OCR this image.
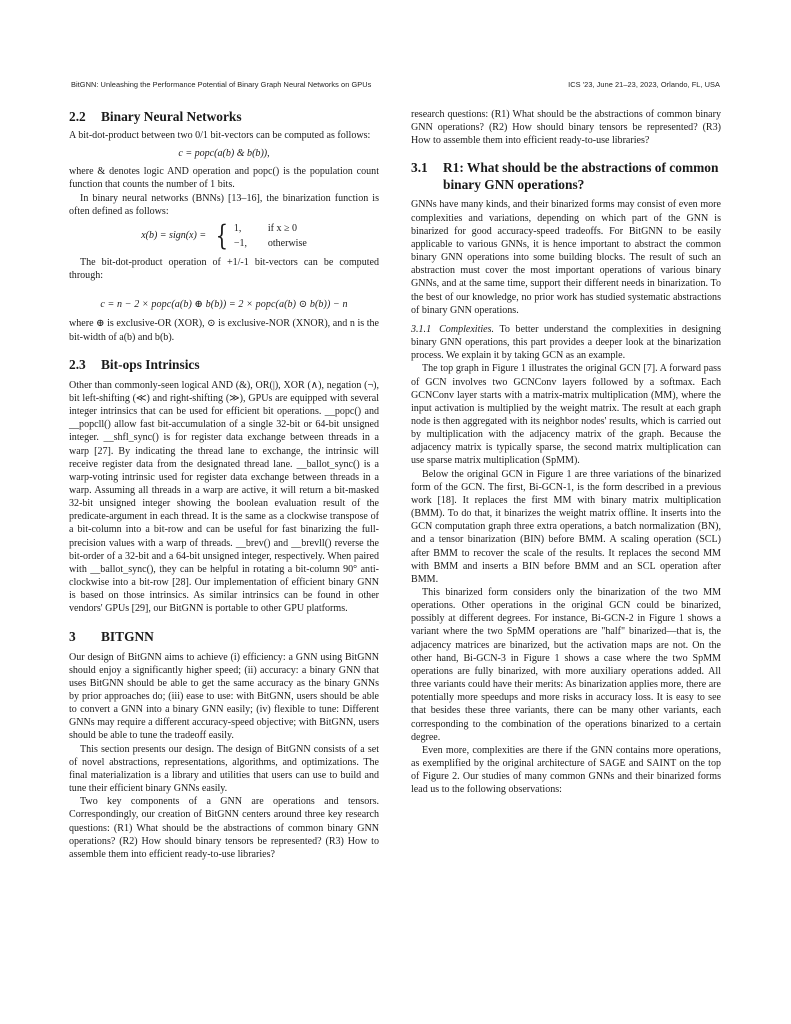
BitGNN: Unleashing the Performance Potential of Binary Graph Neural Networks on GPUs	ICS '23, June 21–23, 2023, Orlando, FL, USA
2.2 Binary Neural Networks

A bit-dot-product between two 0/1 bit-vectors can be computed as follows:

c = popc(a(b) & b(b)),

where & denotes logic AND operation and popc() is the population count function that counts the number of 1 bits.

In binary neural networks (BNNs) [13–16], the binarization function is often defined as follows:

x(b) = sign(x) = { 1,	if x ≥ 0
−1,	otherwise

The bit-dot-product operation of +1/-1 bit-vectors can be computed through:

c = n − 2 × popc(a(b) ⊕ b(b)) = 2 × popc(a(b) ⊙ b(b)) − n

where ⊕ is exclusive-OR (XOR), ⊙ is exclusive-NOR (XNOR), and n is the bit-width of a(b) and b(b).

2.3 Bit-ops Intrinsics

Other than commonly-seen logical AND (&), OR(|), XOR (∧), negation (¬), bit left-shifting (≪) and right-shifting (≫), GPUs are equipped with several integer intrinsics that can be used for efficient bit operations. __popc() and __popcll() allow fast bit-accumulation of a single 32-bit or 64-bit unsigned integer. __shfl_sync() is for register data exchange between threads in a warp [27]. By indicating the thread lane to exchange, the intrinsic will receive register data from the designated thread lane. __ballot_sync() is a warp-voting intrinsic used for register data exchange between threads in a warp. Assuming all threads in a warp are active, it will return a bit-masked 32-bit unsigned integer showing the boolean evaluation result of the predicate-argument in each thread. It is the same as a clockwise transpose of a bit-column into a bit-row and can be useful for fast binarizing the full-precision values with a warp of threads. __brev() and __brevll() reverse the bit-order of a 32-bit and a 64-bit unsigned integer, respectively. When paired with __ballot_sync(), they can be helpful in rotating a bit-column 90° anti-clockwise into a bit-row [28]. Our implementation of efficient binary GNN is based on those intrinsics. As similar intrinsics can be found in other vendors' GPUs [29], our BitGNN is portable to other GPU platforms.

3 BITGNN

Our design of BitGNN aims to achieve (i) efficiency: a GNN using BitGNN should enjoy a significantly higher speed; (ii) accuracy: a binary GNN that uses BitGNN should be able to get the same accuracy as the binary GNNs by prior approaches do; (iii) ease to use: with BitGNN, users should be able to convert a GNN into a binary GNN easily; (iv) flexible to tune: Different GNNs may require a different accuracy-speed objective; with BitGNN, users should be able to tune the tradeoff easily.

This section presents our design. The design of BitGNN consists of a set of novel abstractions, representations, algorithms, and optimizations. The final materialization is a library and utilities that users can use to build and tune their efficient binary GNNs easily.

Two key components of a GNN are operations and tensors. Correspondingly, our creation of BitGNN centers around three key research questions: (R1) What should be the abstractions of common binary GNN operations? (R2) How should binary tensors be represented? (R3) How to assemble them into efficient ready-to-use libraries?

research questions: (R1) What should be the abstractions of common binary GNN operations? (R2) How should binary tensors be represented? (R3) How to assemble them into efficient ready-to-use libraries?

3.1	R1: What should be the abstractions of common binary GNN operations?

GNNs have many kinds, and their binarized forms may consist of even more complexities and variations, depending on which part of the GNN is binarized for good accuracy-speed tradeoffs. For BitGNN to be easily applicable to various GNNs, it is hence important to abstract the common binary GNN operations into some building blocks. The result of such an abstraction must cover the most important operations of various binary GNNs, and at the same time, support their different needs in binarization. To the best of our knowledge, no prior work has studied systematic abstractions of binary GNN operations.

3.1.1 Complexities. To better understand the complexities in designing binary GNN operations, this part provides a deeper look at the binarization process. We explain it by taking GCN as an example.

The top graph in Figure 1 illustrates the original GCN [7]. A forward pass of GCN involves two GCNConv layers followed by a softmax. Each GCNConv layer starts with a matrix-matrix multiplication (MM), where the input activation is multiplied by the weight matrix. The result at each graph node is then aggregated with its neighbor nodes' results, which is carried out by multiplication with the adjacency matrix of the graph. Because the adjacency matrix is typically sparse, the second matrix multiplication can use sparse matrix multiplication (SpMM).

Below the original GCN in Figure 1 are three variations of the binarized form of the GCN. The first, Bi-GCN-1, is the form described in a previous work [18]. It replaces the first MM with binary matrix multiplication (BMM). To do that, it binarizes the weight matrix offline. It inserts into the GCN computation graph three extra operations, a batch normalization (BN), and a tensor binarization (BIN) before BMM. A scaling operation (SCL) after BMM to recover the scale of the results. It replaces the second MM with BMM and inserts a BIN before BMM and an SCL operation after BMM.

This binarized form considers only the binarization of the two MM operations. Other operations in the original GCN could be binarized, possibly at different degrees. For instance, Bi-GCN-2 in Figure 1 shows a variant where the two SpMM operations are "half" binarized—that is, the adjacency matrices are binarized, but the activation maps are not. On the other hand, Bi-GCN-3 in Figure 1 shows a case where the two SpMM operations are fully binarized, with more auxiliary operations added. All three variants could have their merits: As binarization applies more, there are potentially more speedups and more risks in accuracy loss. It is easy to see that besides these three variants, there can be many other variants, each corresponding to the combination of the operations binarized to a certain degree.

Even more, complexities are there if the GNN contains more operations, as exemplified by the original architecture of SAGE and SAINT on the top of Figure 2. Our studies of many common GNNs and their binarized forms lead us to the following observations:
